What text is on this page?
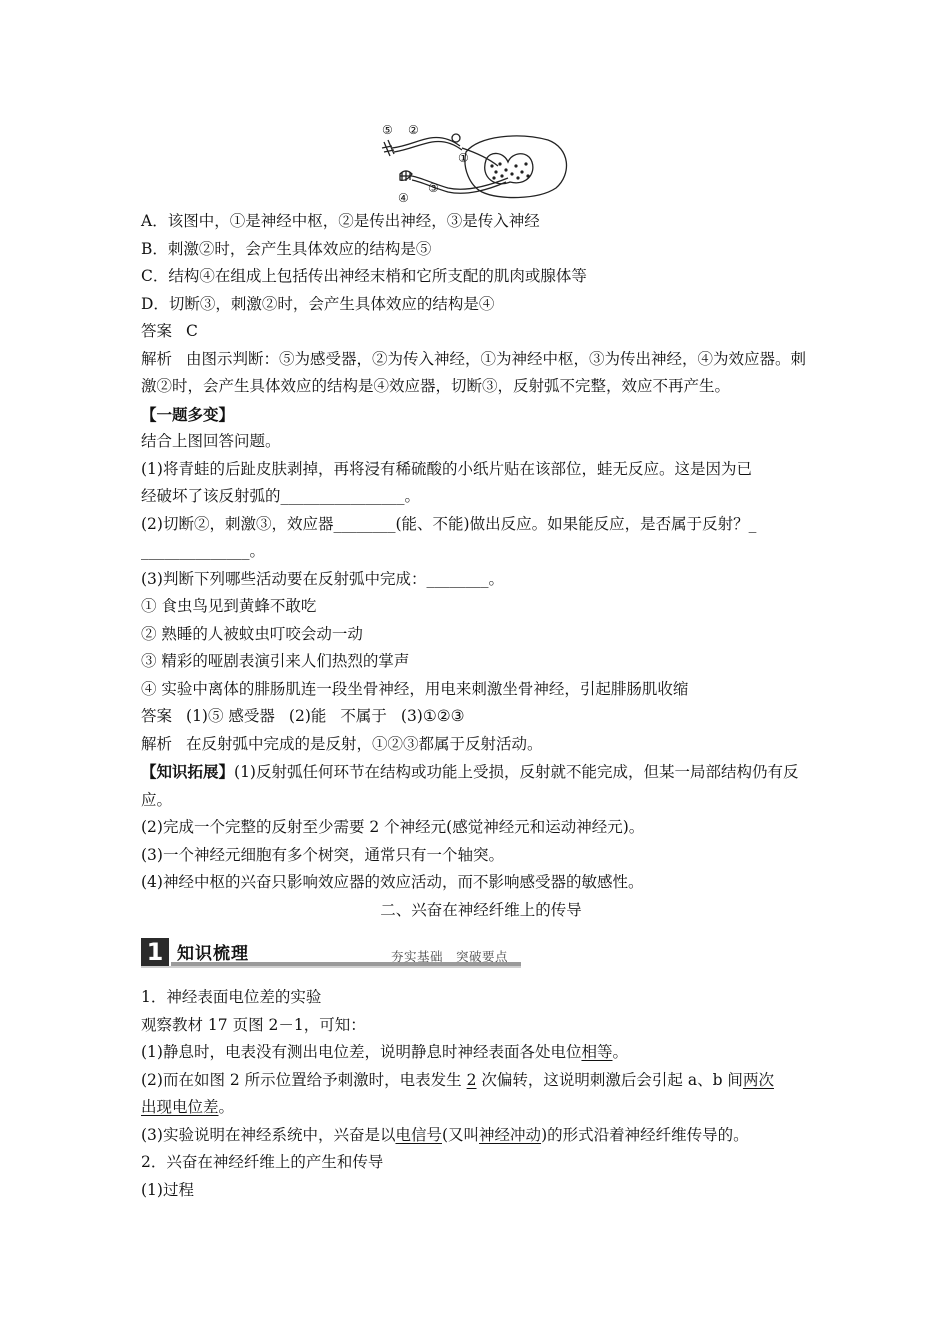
⑤ ②
①
③
④
A．该图中，①是神经中枢，②是传出神经，③是传入神经
B．刺激②时，会产生具体效应的结构是⑤
C．结构④在组成上包括传出神经末梢和它所支配的肌肉或腺体等
D．切断③，刺激②时，会产生具体效应的结构是④
答案 C
解析 由图示判断：⑤为感受器，②为传入神经，①为神经中枢，③为传出神经，④为效应器。刺激②时，会产生具体效应的结构是④效应器，切断③，反射弧不完整，效应不再产生。
【一题多变】
结合上图回答问题。
(1)将青蛙的后趾皮肤剥掉，再将浸有稀硫酸的小纸片贴在该部位，蛙无反应。这是因为已
经破坏了该反射弧的________________。
(2)切断②，刺激③，效应器________(能、不能)做出反应。如果能反应，是否属于反射？_
______________。
(3)判断下列哪些活动要在反射弧中完成：________。
① 食虫鸟见到黄蜂不敢吃
② 熟睡的人被蚊虫叮咬会动一动
③ 精彩的哑剧表演引来人们热烈的掌声
④ 实验中离体的腓肠肌连一段坐骨神经，用电来刺激坐骨神经，引起腓肠肌收缩
答案 (1)⑤ 感受器 (2)能 不属于 (3)①②③
解析 在反射弧中完成的是反射，①②③都属于反射活动。
【知识拓展】(1)反射弧任何环节在结构或功能上受损，反射就不能完成，但某一局部结构仍有反应。
(2)完成一个完整的反射至少需要 2 个神经元(感觉神经元和运动神经元)。
(3)一个神经元细胞有多个树突，通常只有一个轴突。
(4)神经中枢的兴奋只影响效应器的效应活动，而不影响感受器的敏感性。
二、兴奋在神经纤维上的传导
1 知识梳理	夯实基础　突破要点
1．神经表面电位差的实验
观察教材 17 页图 2－1，可知：
(1)静息时，电表没有测出电位差，说明静息时神经表面各处电位相等。
(2)而在如图 2 所示位置给予刺激时，电表发生 2 次偏转，这说明刺激后会引起 a、b 间两次
出现电位差。
(3)实验说明在神经系统中，兴奋是以电信号(又叫神经冲动)的形式沿着神经纤维传导的。
2．兴奋在神经纤维上的产生和传导
(1)过程
